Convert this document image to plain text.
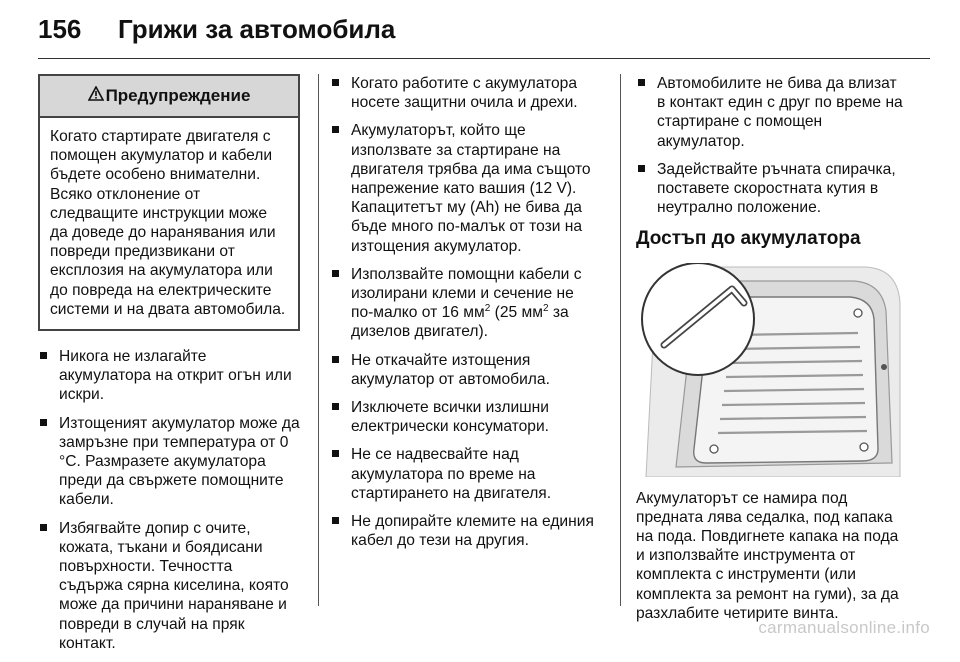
156 Грижи за автомобила
Предупреждение
Когато стартирате двигателя с помощен акумулатор и кабели бъдете особено внимателни. Всяко отклонение от следващите инструкции може да доведе до наранявания или повреди предизвикани от експлозия на акумулатора или до повреда на електрическите системи и на двата автомобила.
Никога не излагайте акумулатора на открит огън или искри.
Изтощеният акумулатор може да замръзне при температура от 0 °C. Размразете акумулатора преди да свържете помощните кабели.
Избягвайте допир с очите, кожата, тъкани и боядисани повърхности. Течността съдържа сярна киселина, която може да причини нараняване и повреди в случай на пряк контакт.
Когато работите с акумулатора носете защитни очила и дрехи.
Акумулаторът, който ще използвате за стартиране на двигателя трябва да има същото напрежение като вашия (12 V). Капацитетът му (Ah) не бива да бъде много по-малък от този на изтощения акумулатор.
Използвайте помощни кабели с изолирани клеми и сечение не по-малко от 16 $мм^2$ (25 $мм^2$ за дизелов двигател).
Не откачайте изтощения акумулатор от автомобила.
Изключете всички излишни електрически консуматори.
Не се надвесвайте над акумулатора по време на стартирането на двигателя.
Не допирайте клемите на единия кабел до тези на другия.
Автомобилите не бива да влизат в контакт един с друг по време на стартиране с помощен акумулатор.
Задействайте ръчната спирачка, поставете скоростната кутия в неутрално положение.
Достъп до акумулатора
Акумулаторът се намира под предната лява седалка, под капака на пода. Повдигнете капака на пода и използвайте инструмента от комплекта с инструменти (или комплекта за ремонт на гуми), за да разхлабите четирите винта.
carmanualsonline.info
